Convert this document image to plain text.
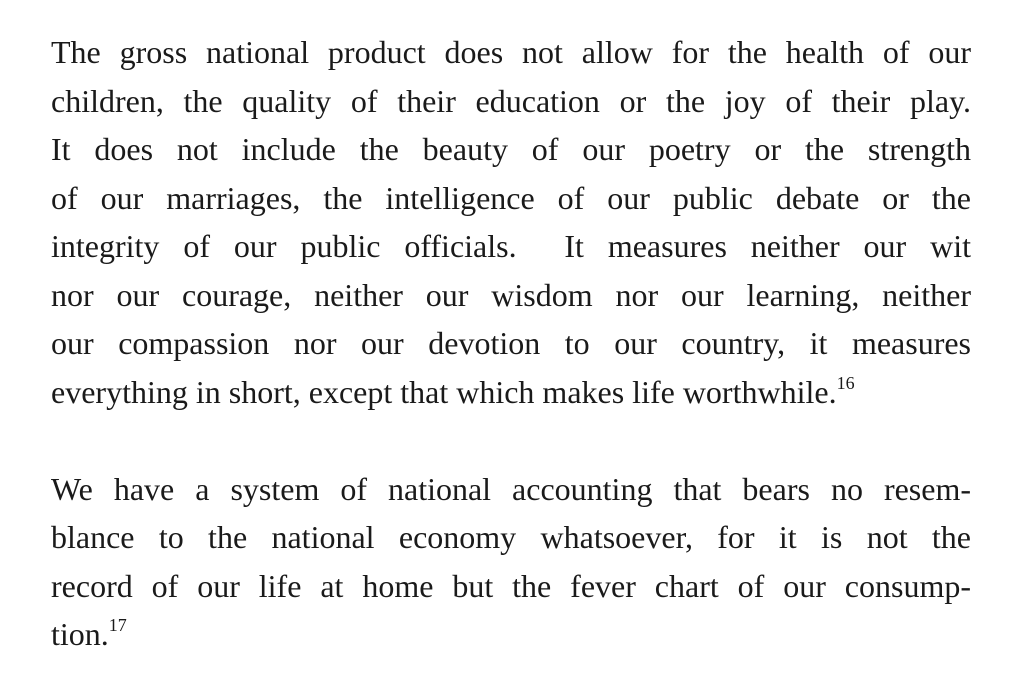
The gross national product does not allow for the health of our
children, the quality of their education or the joy of their play.
It does not include the beauty of our poetry or the strength
of our marriages, the intelligence of our public debate or the
integrity of our public officials.  It measures neither our wit
nor our courage, neither our wisdom nor our learning, neither
our compassion nor our devotion to our country, it measures
everything in short, except that which makes life worthwhile.$^{16}$
We have a system of national accounting that bears no resem-
blance to the national economy whatsoever, for it is not the
record of our life at home but the fever chart of our consump-
tion.$^{17}$
